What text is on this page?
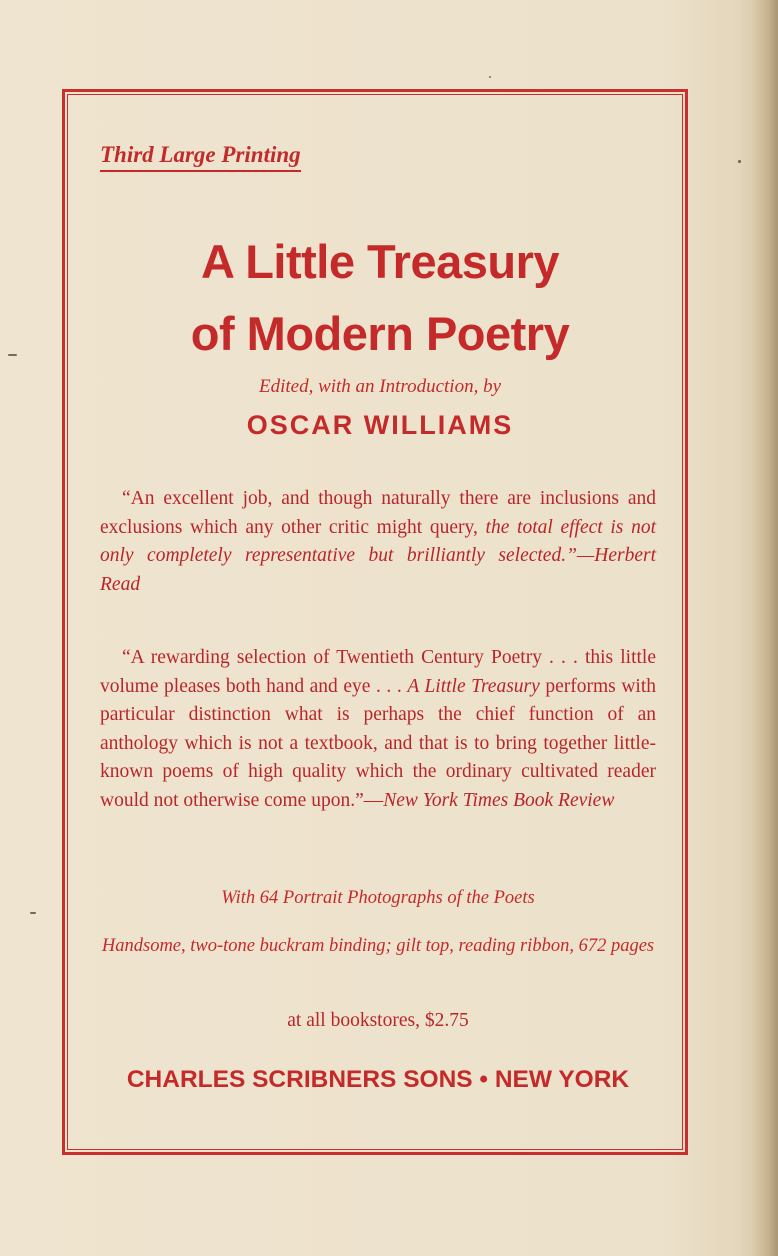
Third Large Printing
A Little Treasury
of Modern Poetry
Edited, with an Introduction, by
OSCAR WILLIAMS
“An excellent job, and though naturally there are inclusions and exclusions which any other critic might query, the total effect is not only completely representative but brilliantly selected.”—Herbert Read
“A rewarding selection of Twentieth Century Poetry . . . this little volume pleases both hand and eye . . . A Little Treasury performs with particular distinction what is perhaps the chief function of an anthology which is not a textbook, and that is to bring together little-known poems of high quality which the ordinary cultivated reader would not otherwise come upon.”—New York Times Book Review
With 64 Portrait Photographs of the Poets
Handsome, two-tone buckram binding; gilt top, reading ribbon, 672 pages
at all bookstores, $2.75
CHARLES SCRIBNERS SONS • NEW YORK
